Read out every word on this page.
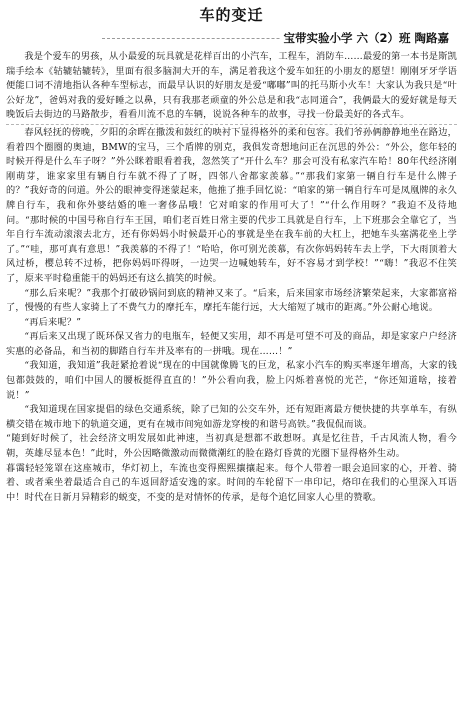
车的变迁
宝带实验小学 六（2）班 陶路嘉

我是个爱车的男孩，从小最爱的玩具就是花样百出的小汽车，工程车，消防车……最爱的第一本书是斯凯瑞手绘本《轱辘轱辘转》，里面有很多脑洞大开的车，满足着我这个爱车如狂的小朋友的愿望！刚刚牙牙学语便能口词不清地指认各种车型标志，而最早认识的好朋友是爱“嘟嘟”叫的托马斯小火车！大家认为我只是“叶公好龙”，爸妈对我的爱好睡之以鼻，只有我那老顽童的外公总是和我“志同道合”，我俩最大的爱好就是每天晚饭后去街边的马路散步，看看川流不息的车辆，说说各种车的故事，寻找一份最美好的各式车。

春风轻抚的傍晚，夕阳的余晖在撒泼和鼓红的映衬下显得格外的柔和包容。我们爷孙俩静静地坐在路边，看着四个圈圈的奥迪，BMW的宝马，三个盾牌的别克，我俱发奇想地问正在沉思的外公：“外公，您年轻的时候开得是什么车子呀？”外公眯着眼看着我，忽然笑了“开什么车？那会可没有私家汽车哈！80年代经济刚刚萌芽，谁家家里有辆自行车就不得了了呀，四邻八舍都家羡慕。”“那我们家第一辆自行车是什么牌子的？”我好奇的问道。外公的眼神变得迷蒙起来，他推了推手回忆说：“咱家的第一辆自行车可是凤凰牌的永久牌自行车，我和你外婆结婚的唯一奢侈品哦！它对咱家的作用可大了！”“什么作用呀？”我迫不及待地问。“那时候的中国号称自行车王国，咱们老百姓日常主要的代步工具就是自行车，上下班那会全靠它了，当年自行车流动滚滚去北方，还有你妈妈小时候最开心的事就是坐在我车前的大杠上，把她车头塞满花坐上学了。”“哇，那可真有意思！”我羡慕的不得了！“哈哈，你可别光羡慕，有次你妈妈转车去上学，下大雨顶着大风过桥，樱总转不过桥，把你妈妈吓得呀，一边哭一边喊她转车，好不容易才到学校！”“嗨！”我忍不住笑了，原来平时稳重能干的妈妈还有这么搞笑的时候。

“那么后来呢？”我那个打破砂锅问到底的精神又来了。“后来，后来国家市场经济繁荣起来，大家都富裕了，慢慢的有些人家骑上了不费气力的摩托车，摩托车能行远，大大缩短了城市的距离。”外公耐心地说。

“再后来呢？”

“再后来又出现了既环保又省力的电瓶车，轻便又实用，却不再是可望不可及的商品，却是家家户户经济实惠的必备品，和当初的脚踏自行车并及率有的一拼哦。现在……！”

“我知道，我知道”我赶紧抢着说“现在的中国就像腾飞的巨龙，私家小汽车的购买率逐年增高，大家的钱包都鼓鼓的，咱们中国人的腰板挺得直直的！”外公看向我，脸上闪烁着喜悦的光芒，“你还知道啥，接着说！”

“我知道现在国家提倡的绿色交通系统，除了已知的公交车外，还有短距离最方便快捷的共享单车，有纵横交错在城市地下的轨道交通，更有在城市间宛如游龙穿梭的和谐号高铁。”我侃侃而谈。

“随到好时候了，社会经济文明发展如此神速，当初真是想都不敢想呀。真是忆往昔，千古风流人物，看今朝，英雄尽显本色！”此时，外公因略微激动而微微潮红的脸在路灯昏黄的光圈下显得格外生动。

暮霭轻轻笼罩在这座城市，华灯初上，车流也变得熙熙攘攘起来。每个人带着一眼会追回家的心，开着、骑着、或者乘坐着最适合自己的车返回舒适安逸的家。时间的车轮留下一串印记，烙印在我们的心里深入耳语中！时代在日新月异精彩的蜕变，不变的是对情怀的传承，是每个追忆回家人心里的赞歌。
